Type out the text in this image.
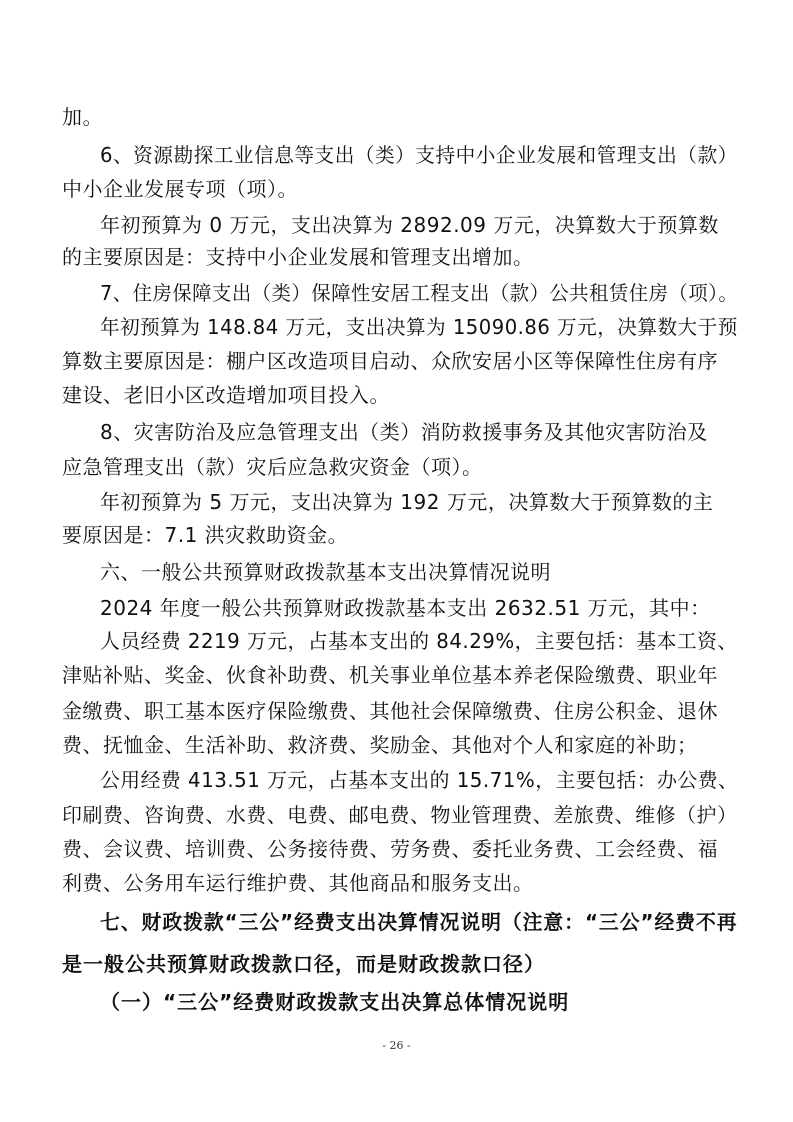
加。
6、资源勘探工业信息等支出（类）支持中小企业发展和管理支出（款）
中小企业发展专项（项）。
年初预算为 0 万元，支出决算为 2892.09 万元，决算数大于预算数
的主要原因是：支持中小企业发展和管理支出增加。
7、住房保障支出（类）保障性安居工程支出（款）公共租赁住房（项）。
年初预算为 148.84 万元，支出决算为 15090.86 万元，决算数大于预
算数主要原因是：棚户区改造项目启动、众欣安居小区等保障性住房有序
建设、老旧小区改造增加项目投入。
8、灾害防治及应急管理支出（类）消防救援事务及其他灾害防治及
应急管理支出（款）灾后应急救灾资金（项）。
年初预算为 5 万元，支出决算为 192 万元，决算数大于预算数的主
要原因是：7.1 洪灾救助资金。
六、一般公共预算财政拨款基本支出决算情况说明
2024 年度一般公共预算财政拨款基本支出 2632.51 万元，其中：
人员经费 2219 万元，占基本支出的 84.29%，主要包括：基本工资、
津贴补贴、奖金、伙食补助费、机关事业单位基本养老保险缴费、职业年
金缴费、职工基本医疗保险缴费、其他社会保障缴费、住房公积金、退休
费、抚恤金、生活补助、救济费、奖励金、其他对个人和家庭的补助；
公用经费 413.51 万元，占基本支出的 15.71%，主要包括：办公费、
印刷费、咨询费、水费、电费、邮电费、物业管理费、差旅费、维修（护）
费、会议费、培训费、公务接待费、劳务费、委托业务费、工会经费、福
利费、公务用车运行维护费、其他商品和服务支出。
七、财政拨款“三公”经费支出决算情况说明（注意：“三公”经费不再
是一般公共预算财政拨款口径，而是财政拨款口径）
（一）“三公”经费财政拨款支出决算总体情况说明
- 26 -
